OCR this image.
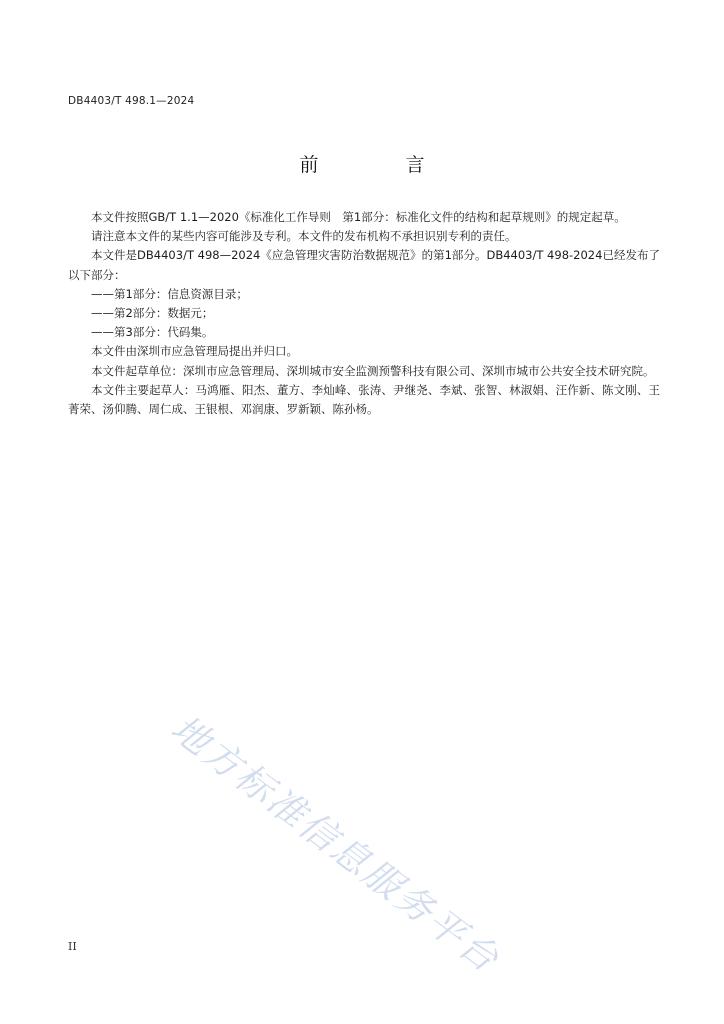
DB4403/T 498.1—2024
前　言

本文件按照GB/T 1.1—2020《标准化工作导则　第1部分：标准化文件的结构和起草规则》的规定起草。

请注意本文件的某些内容可能涉及专利。本文件的发布机构不承担识别专利的责任。

本文件是DB4403/T 498—2024《应急管理灾害防治数据规范》的第1部分。DB4403/T 498-2024已经发布了以下部分：

——第1部分：信息资源目录；

——第2部分：数据元；

——第3部分：代码集。

本文件由深圳市应急管理局提出并归口。

本文件起草单位：深圳市应急管理局、深圳城市安全监测预警科技有限公司、深圳市城市公共安全技术研究院。

本文件主要起草人：马鸿雁、阳杰、董方、李灿峰、张涛、尹继尧、李斌、张智、林淑娟、汪作新、陈文刚、王菁荣、汤仰腾、周仁成、王银根、邓润康、罗新颖、陈孙杨。

地方标准信息服务平台
II
